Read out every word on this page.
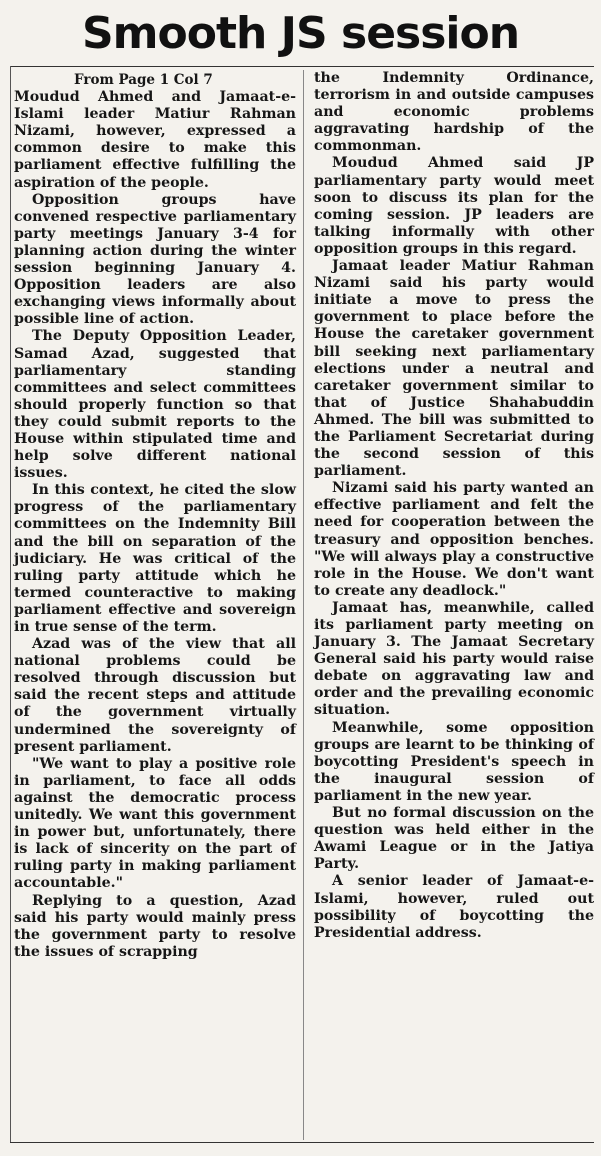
Smooth JS session

From Page 1 Col 7

Moudud Ahmed and Jamaat-e-Islami leader Matiur Rahman Nizami, however, expressed a common desire to make this parliament effective fulfilling the aspiration of the people.

Opposition groups have convened respective parliamentary party meetings January 3-4 for planning action during the winter session beginning January 4. Opposition leaders are also exchanging views informally about possible line of action.

The Deputy Opposition Leader, Samad Azad, suggested that parliamentary standing committees and select committees should properly function so that they could submit reports to the House within stipulated time and help solve different national issues.

In this context, he cited the slow progress of the parliamentary committees on the Indemnity Bill and the bill on separation of the judiciary. He was critical of the ruling party attitude which he termed counteractive to making parliament effective and sovereign in true sense of the term.

Azad was of the view that all national problems could be resolved through discussion but said the recent steps and attitude of the government virtually undermined the sovereignty of present parliament.

"We want to play a positive role in parliament, to face all odds against the democratic process unitedly. We want this government in power but, unfortunately, there is lack of sincerity on the part of ruling party in making parliament accountable."

Replying to a question, Azad said his party would mainly press the government party to resolve the issues of scrapping

the Indemnity Ordinance, terrorism in and outside campuses and economic problems aggravating hardship of the commonman.

Moudud Ahmed said JP parliamentary party would meet soon to discuss its plan for the coming session. JP leaders are talking informally with other opposition groups in this regard.

Jamaat leader Matiur Rahman Nizami said his party would initiate a move to press the government to place before the House the caretaker government bill seeking next parliamentary elections under a neutral and caretaker government similar to that of Justice Shahabuddin Ahmed. The bill was submitted to the Parliament Secretariat during the second session of this parliament.

Nizami said his party wanted an effective parliament and felt the need for cooperation between the treasury and opposition benches. "We will always play a constructive role in the House. We don't want to create any deadlock."

Jamaat has, meanwhile, called its parliament party meeting on January 3. The Jamaat Secretary General said his party would raise debate on aggravating law and order and the prevailing economic situation.

Meanwhile, some opposition groups are learnt to be thinking of boycotting President's speech in the inaugural session of parliament in the new year.

But no formal discussion on the question was held either in the Awami League or in the Jatiya Party.

A senior leader of Jamaat-e-Islami, however, ruled out possibility of boycotting the Presidential address.
